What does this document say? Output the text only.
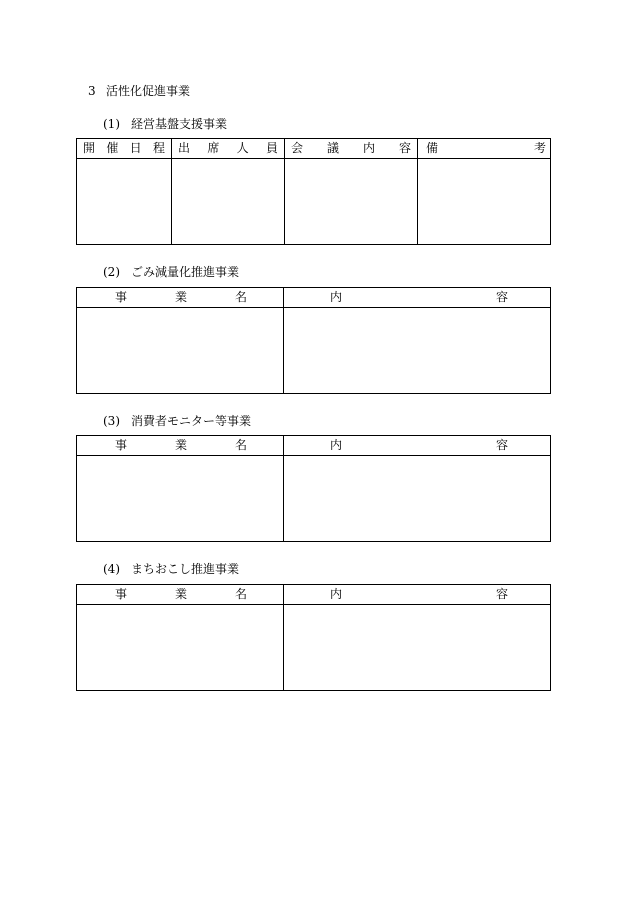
3 活性化促進事業
(1) 経営基盤支援事業
開 催 日 程	出 席 人 員	会 議 内 容	備 考

(2) ごみ減量化推進事業
事 業 名	内 容

(3) 消費者モニター等事業
事 業 名	内 容

(4) まちおこし推進事業
事 業 名	内 容
